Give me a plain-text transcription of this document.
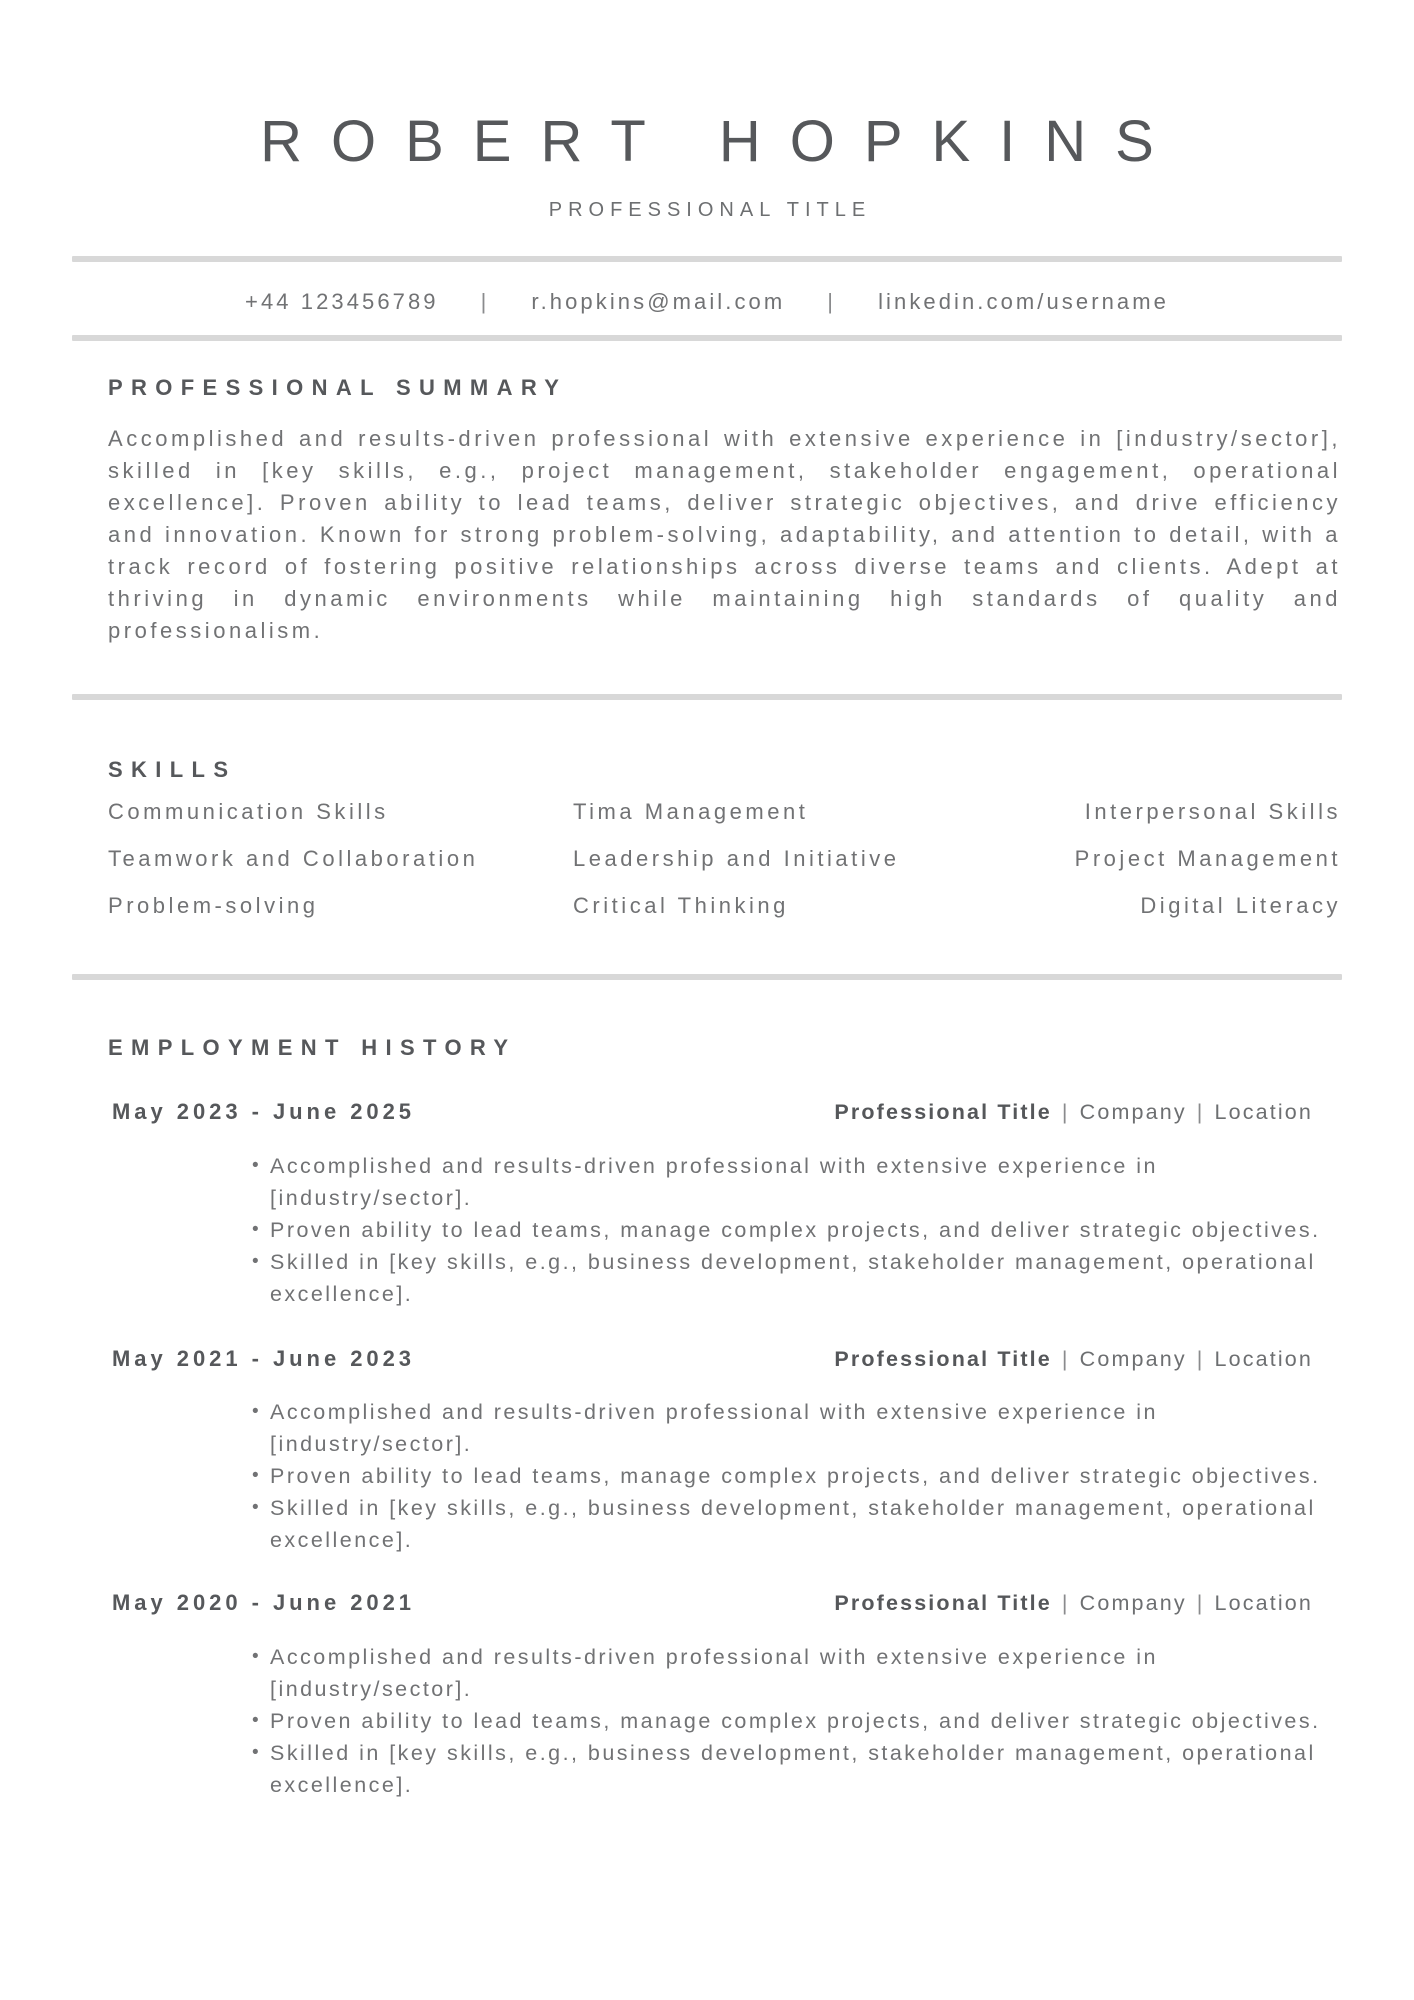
ROBERT HOPKINS
PROFESSIONAL TITLE
+44 123456789 | r.hopkins@mail.com | linkedin.com/username
PROFESSIONAL SUMMARY

Accomplished and results-driven professional with extensive experience in [industry/sector], skilled in [key skills, e.g., project management, stakeholder engagement, operational excellence]. Proven ability to lead teams, deliver strategic objectives, and drive efficiency and innovation. Known for strong problem-solving, adaptability, and attention to detail, with a track record of fostering positive relationships across diverse teams and clients. Adept at thriving in dynamic environments while maintaining high standards of quality and professionalism.

SKILLS
Communication Skills	Tima Management	Interpersonal Skills
Teamwork and Collaboration	Leadership and Initiative	Project Management
Problem-solving	Critical Thinking	Digital Literacy
EMPLOYMENT HISTORY
May 2023 - June 2025	Professional Title | Company | Location
• Accomplished and results-driven professional with extensive experience in [industry/sector].
• Proven ability to lead teams, manage complex projects, and deliver strategic objectives.
• Skilled in [key skills, e.g., business development, stakeholder management, operational excellence].
May 2021 - June 2023	Professional Title | Company | Location
• Accomplished and results-driven professional with extensive experience in [industry/sector].
• Proven ability to lead teams, manage complex projects, and deliver strategic objectives.
• Skilled in [key skills, e.g., business development, stakeholder management, operational excellence].
May 2020 - June 2021	Professional Title | Company | Location
• Accomplished and results-driven professional with extensive experience in [industry/sector].
• Proven ability to lead teams, manage complex projects, and deliver strategic objectives.
• Skilled in [key skills, e.g., business development, stakeholder management, operational excellence].
